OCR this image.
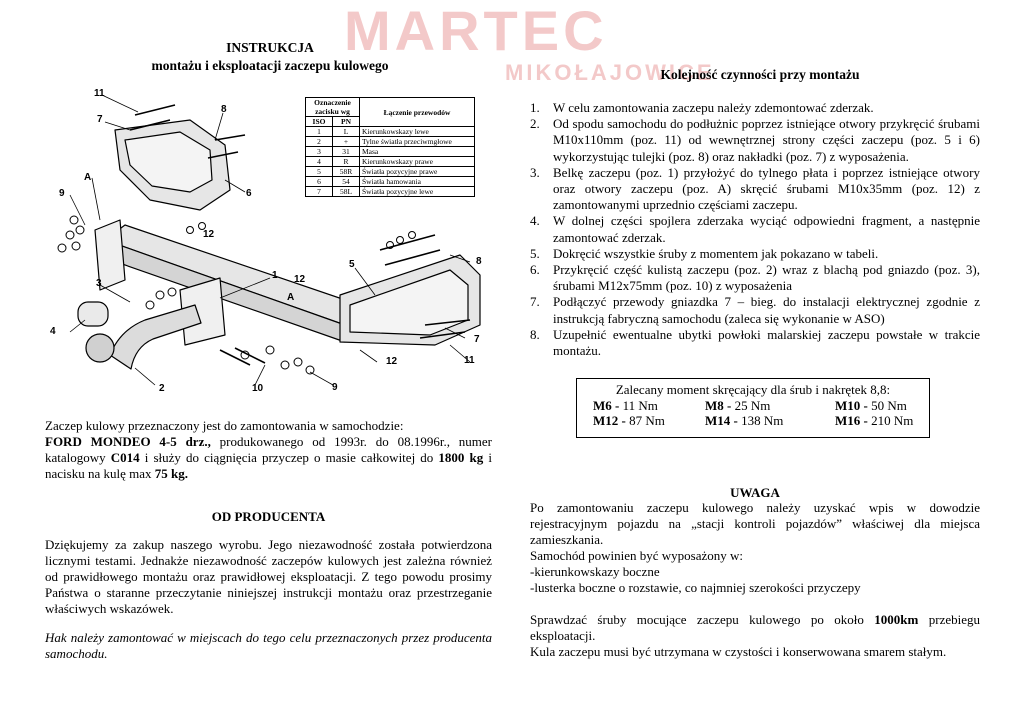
MARTEC
MIKOŁAJOWICE
INSTRUKCJA
montażu i eksploatacji zaczepu kulowego
11
7
8
A
9	6
12
3
1 12
A
5	8
4
2	10	9
12	11
7
Oznaczenie zacisku wg		Łączenie przewodów
ISO	PN	
1	L	Kierunkowskazy lewe
2	+	Tylne światła przeciwmgłowe
3	31	Masa
4	R	Kierunkowskazy prawe
5	58R	Światła pozycyjne prawe
6	54	Światła hamowania
7	58L	Światła pozycyjne lewe
Zaczep kulowy przeznaczony jest do zamontowania w samochodzie:
FORD MONDEO 4-5 drz., produkowanego od 1993r. do 08.1996r., numer katalogowy C014 i służy do ciągnięcia przyczep o masie całkowitej do 1800 kg i nacisku na kulę max 75 kg.
OD PRODUCENTA
Dziękujemy za zakup naszego wyrobu. Jego niezawodność została potwierdzona licznymi testami. Jednakże niezawodność zaczepów kulowych jest zależna również od prawidłowego montażu oraz prawidłowej eksploatacji. Z tego powodu prosimy Państwa o staranne przeczytanie niniejszej instrukcji montażu oraz przestrzeganie właściwych wskazówek.
Hak należy zamontować w miejscach do tego celu przeznaczonych przez producenta samochodu.
Kolejność czynności przy montażu
1.	W celu zamontowania zaczepu należy zdemontować zderzak.
2.	Od spodu samochodu do podłużnic poprzez istniejące otwory przykręcić śrubami M10x110mm (poz. 11) od wewnętrznej strony części zaczepu (poz. 5 i 6) wykorzystując tulejki (poz. 8) oraz nakładki (poz. 7) z wyposażenia.
3.	Belkę zaczepu (poz. 1) przyłożyć do tylnego płata i poprzez istniejące otwory oraz otwory zaczepu (poz. A) skręcić śrubami M10x35mm (poz. 12) z zamontowanymi uprzednio częściami zaczepu.
4.	W dolnej części spojlera zderzaka wyciąć odpowiedni fragment, a następnie zamontować zderzak.
5.	Dokręcić wszystkie śruby z momentem jak pokazano w tabeli.
6.	Przykręcić część kulistą zaczepu (poz. 2) wraz z blachą pod gniazdo (poz. 3), śrubami M12x75mm (poz. 10) z wyposażenia
7.	Podłączyć przewody gniazdka 7 – bieg. do instalacji elektrycznej zgodnie z instrukcją fabryczną samochodu (zaleca się wykonanie w ASO)
8.	Uzupełnić ewentualne ubytki powłoki malarskiej zaczepu powstałe w trakcie montażu.
Zalecany moment skręcający dla śrub i nakrętek 8,8:
M6 - 11 Nm	M8 - 25 Nm	M10 - 50 Nm
M12 - 87 Nm	M14 - 138 Nm	M16 - 210 Nm
UWAGA
Po zamontowaniu zaczepu kulowego należy uzyskać wpis w dowodzie rejestracyjnym pojazdu na „stacji kontroli pojazdów” właściwej dla miejsca zamieszkania.
Samochód powinien być wyposażony w:
-kierunkowskazy boczne
-lusterka boczne o rozstawie, co najmniej szerokości przyczepy
Sprawdzać śruby mocujące zaczepu kulowego po około 1000km przebiegu eksploatacji.
Kula zaczepu musi być utrzymana w czystości i konserwowana smarem stałym.
